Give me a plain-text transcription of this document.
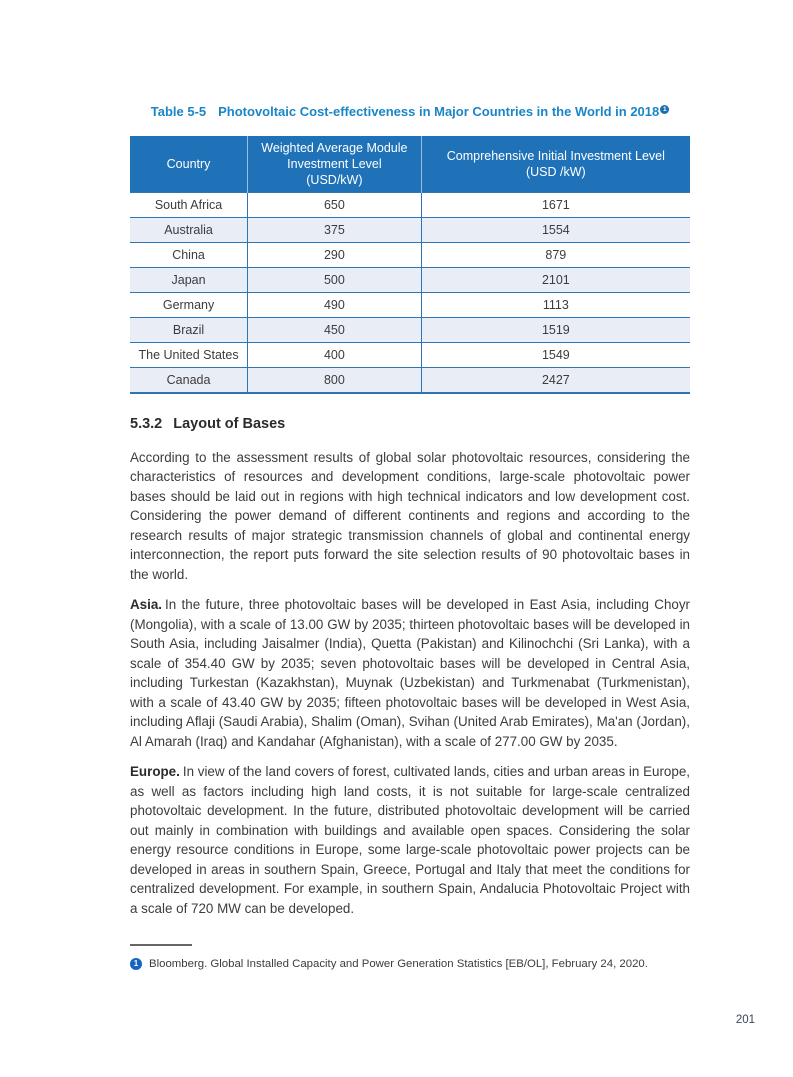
Table 5-5 Photovoltaic Cost-effectiveness in Major Countries in the World in 2018 1
Country	Weighted Average Module Investment Level (USD/kW)	Comprehensive Initial Investment Level (USD /kW)
South Africa	650	1671
Australia	375	1554
China	290	879
Japan	500	2101
Germany	490	1113
Brazil	450	1519
The United States	400	1549
Canada	800	2427
5.3.2 Layout of Bases

According to the assessment results of global solar photovoltaic resources, considering the characteristics of resources and development conditions, large-scale photovoltaic power bases should be laid out in regions with high technical indicators and low development cost. Considering the power demand of different continents and regions and according to the research results of major strategic transmission channels of global and continental energy interconnection, the report puts forward the site selection results of 90 photovoltaic bases in the world.

Asia. In the future, three photovoltaic bases will be developed in East Asia, including Choyr (Mongolia), with a scale of 13.00 GW by 2035; thirteen photovoltaic bases will be developed in South Asia, including Jaisalmer (India), Quetta (Pakistan) and Kilinochchi (Sri Lanka), with a scale of 354.40 GW by 2035; seven photovoltaic bases will be developed in Central Asia, including Turkestan (Kazakhstan), Muynak (Uzbekistan) and Turkmenabat (Turkmenistan), with a scale of 43.40 GW by 2035; fifteen photovoltaic bases will be developed in West Asia, including Aflaji (Saudi Arabia), Shalim (Oman), Svihan (United Arab Emirates), Ma'an (Jordan), Al Amarah (Iraq) and Kandahar (Afghanistan), with a scale of 277.00 GW by 2035.

Europe. In view of the land covers of forest, cultivated lands, cities and urban areas in Europe, as well as factors including high land costs, it is not suitable for large-scale centralized photovoltaic development. In the future, distributed photovoltaic development will be carried out mainly in combination with buildings and available open spaces. Considering the solar energy resource conditions in Europe, some large-scale photovoltaic power projects can be developed in areas in southern Spain, Greece, Portugal and Italy that meet the conditions for centralized development. For example, in southern Spain, Andalucia Photovoltaic Project with a scale of 720 MW can be developed.

1 Bloomberg. Global Installed Capacity and Power Generation Statistics [EB/OL], February 24, 2020.
201
